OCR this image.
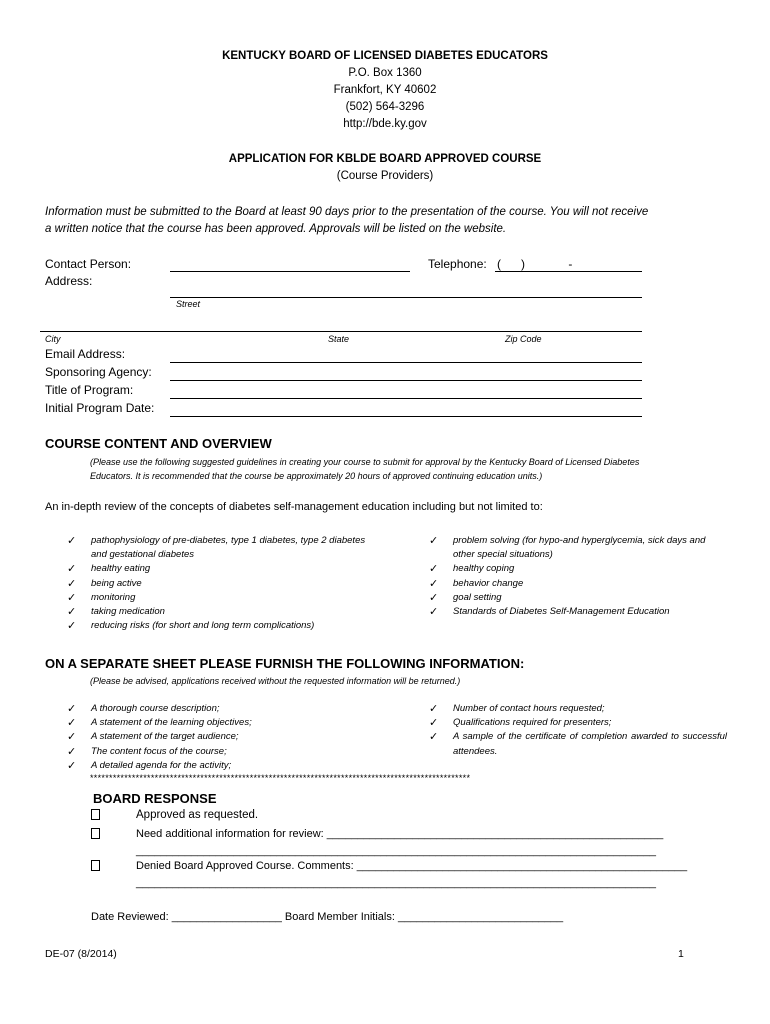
KENTUCKY BOARD OF LICENSED DIABETES EDUCATORS
P.O. Box 1360
Frankfort, KY 40602
(502) 564-3296
http://bde.ky.gov
APPLICATION FOR KBLDE BOARD APPROVED COURSE
(Course Providers)
Information must be submitted to the Board at least 90 days prior to the presentation of the course. You will not receive
a written notice that the course has been approved. Approvals will be listed on the website.
Contact Person:	Telephone: (      )             -
Address:
Street
City	State	Zip Code
Email Address:
Sponsoring Agency:
Title of Program:
Initial Program Date:
COURSE CONTENT AND OVERVIEW
(Please use the following suggested guidelines in creating your course to submit for approval by the Kentucky Board of Licensed Diabetes
Educators. It is recommended that the course be approximately 20 hours of approved continuing education units.)
An in-depth review of the concepts of diabetes self-management education including but not limited to:
✓ pathophysiology of pre-diabetes, type 1 diabetes, type 2 diabetes and gestational diabetes
✓ healthy eating
✓ being active
✓ monitoring
✓ taking medication
✓ reducing risks (for short and long term complications)
✓ problem solving (for hypo-and hyperglycemia, sick days and other special situations)
✓ healthy coping
✓ behavior change
✓ goal setting
✓ Standards of Diabetes Self-Management Education
ON A SEPARATE SHEET PLEASE FURNISH THE FOLLOWING INFORMATION:
(Please be advised, applications received without the requested information will be returned.)
✓ A thorough course description;
✓ A statement of the learning objectives;
✓ A statement of the target audience;
✓ The content focus of the course;
✓ A detailed agenda for the activity;
✓ Number of contact hours requested;
✓ Qualifications required for presenters;
✓ A sample of the certificate of completion awarded to successful attendees.
****************************************************************************************************
BOARD RESPONSE
Approved as requested.
Need additional information for review: _______________________________________________________
_____________________________________________________________________________________
Denied Board Approved Course. Comments: ______________________________________________________
_____________________________________________________________________________________
Date Reviewed: __________________ Board Member Initials: ___________________________
DE-07 (8/2014)	1
